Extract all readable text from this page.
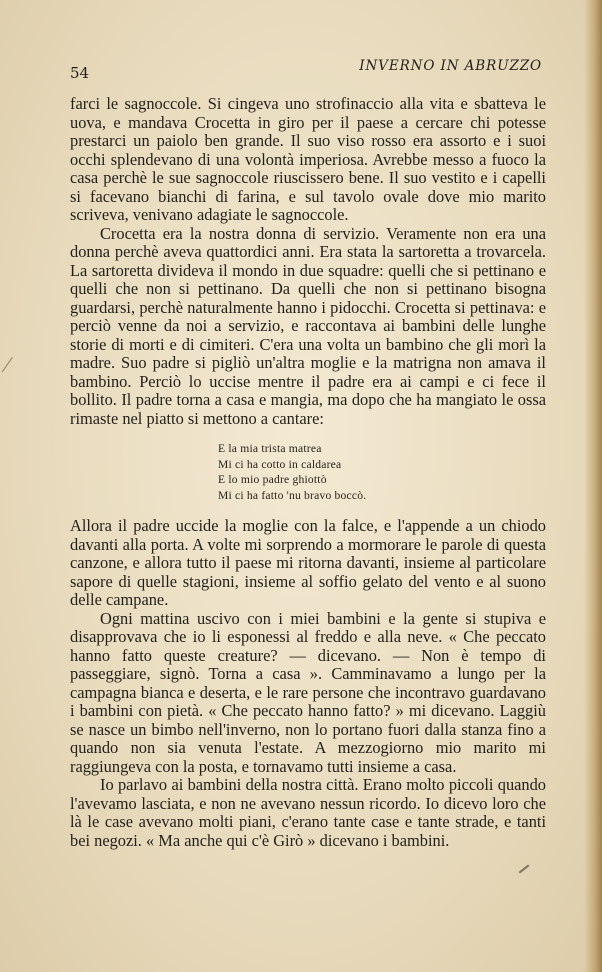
54	INVERNO IN ABRUZZO

farci le sagnoccole. Si cingeva uno strofinaccio alla vita e sbatteva le uova, e mandava Crocetta in giro per il paese a cercare chi potesse prestarci un paiolo ben grande. Il suo viso rosso era assorto e i suoi occhi splendevano di una volontà imperiosa. Avrebbe messo a fuoco la casa perchè le sue sagnoccole riuscissero bene. Il suo vestito e i capelli si facevano bianchi di farina, e sul tavolo ovale dove mio marito scriveva, venivano adagiate le sagnoccole.

Crocetta era la nostra donna di servizio. Veramente non era una donna perchè aveva quattordici anni. Era stata la sartoretta a trovarcela. La sartoretta divideva il mondo in due squadre: quelli che si pettinano e quelli che non si pettinano. Da quelli che non si pettinano bisogna guardarsi, perchè naturalmente hanno i pidocchi. Crocetta si pettinava: e perciò venne da noi a servizio, e raccontava ai bambini delle lunghe storie di morti e di cimiteri. C'era una volta un bambino che gli morì la madre. Suo padre si pigliò un'altra moglie e la matrigna non amava il bambino. Perciò lo uccise mentre il padre era ai campi e ci fece il bollito. Il padre torna a casa e mangia, ma dopo che ha mangiato le ossa rimaste nel piatto si mettono a cantare:

E la mia trista matrea
Mi ci ha cotto in caldarea
E lo mio padre ghiottò
Mi ci ha fatto 'nu bravo boccò.

Allora il padre uccide la moglie con la falce, e l'appende a un chiodo davanti alla porta. A volte mi sorprendo a mormorare le parole di questa canzone, e allora tutto il paese mi ritorna davanti, insieme al particolare sapore di quelle stagioni, insieme al soffio gelato del vento e al suono delle campane.

Ogni mattina uscivo con i miei bambini e la gente si stupiva e disapprovava che io li esponessi al freddo e alla neve. « Che peccato hanno fatto queste creature? — dicevano. — Non è tempo di passeggiare, signò. Torna a casa ». Camminavamo a lungo per la campagna bianca e deserta, e le rare persone che incontravo guardavano i bambini con pietà. « Che peccato hanno fatto? » mi dicevano. Laggiù se nasce un bimbo nell'inverno, non lo portano fuori dalla stanza fino a quando non sia venuta l'estate. A mezzogiorno mio marito mi raggiungeva con la posta, e tornavamo tutti insieme a casa.

Io parlavo ai bambini della nostra città. Erano molto piccoli quando l'avevamo lasciata, e non ne avevano nessun ricordo. Io dicevo loro che là le case avevano molti piani, c'erano tante case e tante strade, e tanti bei negozi. « Ma anche qui c'è Girò » dicevano i bambini.
